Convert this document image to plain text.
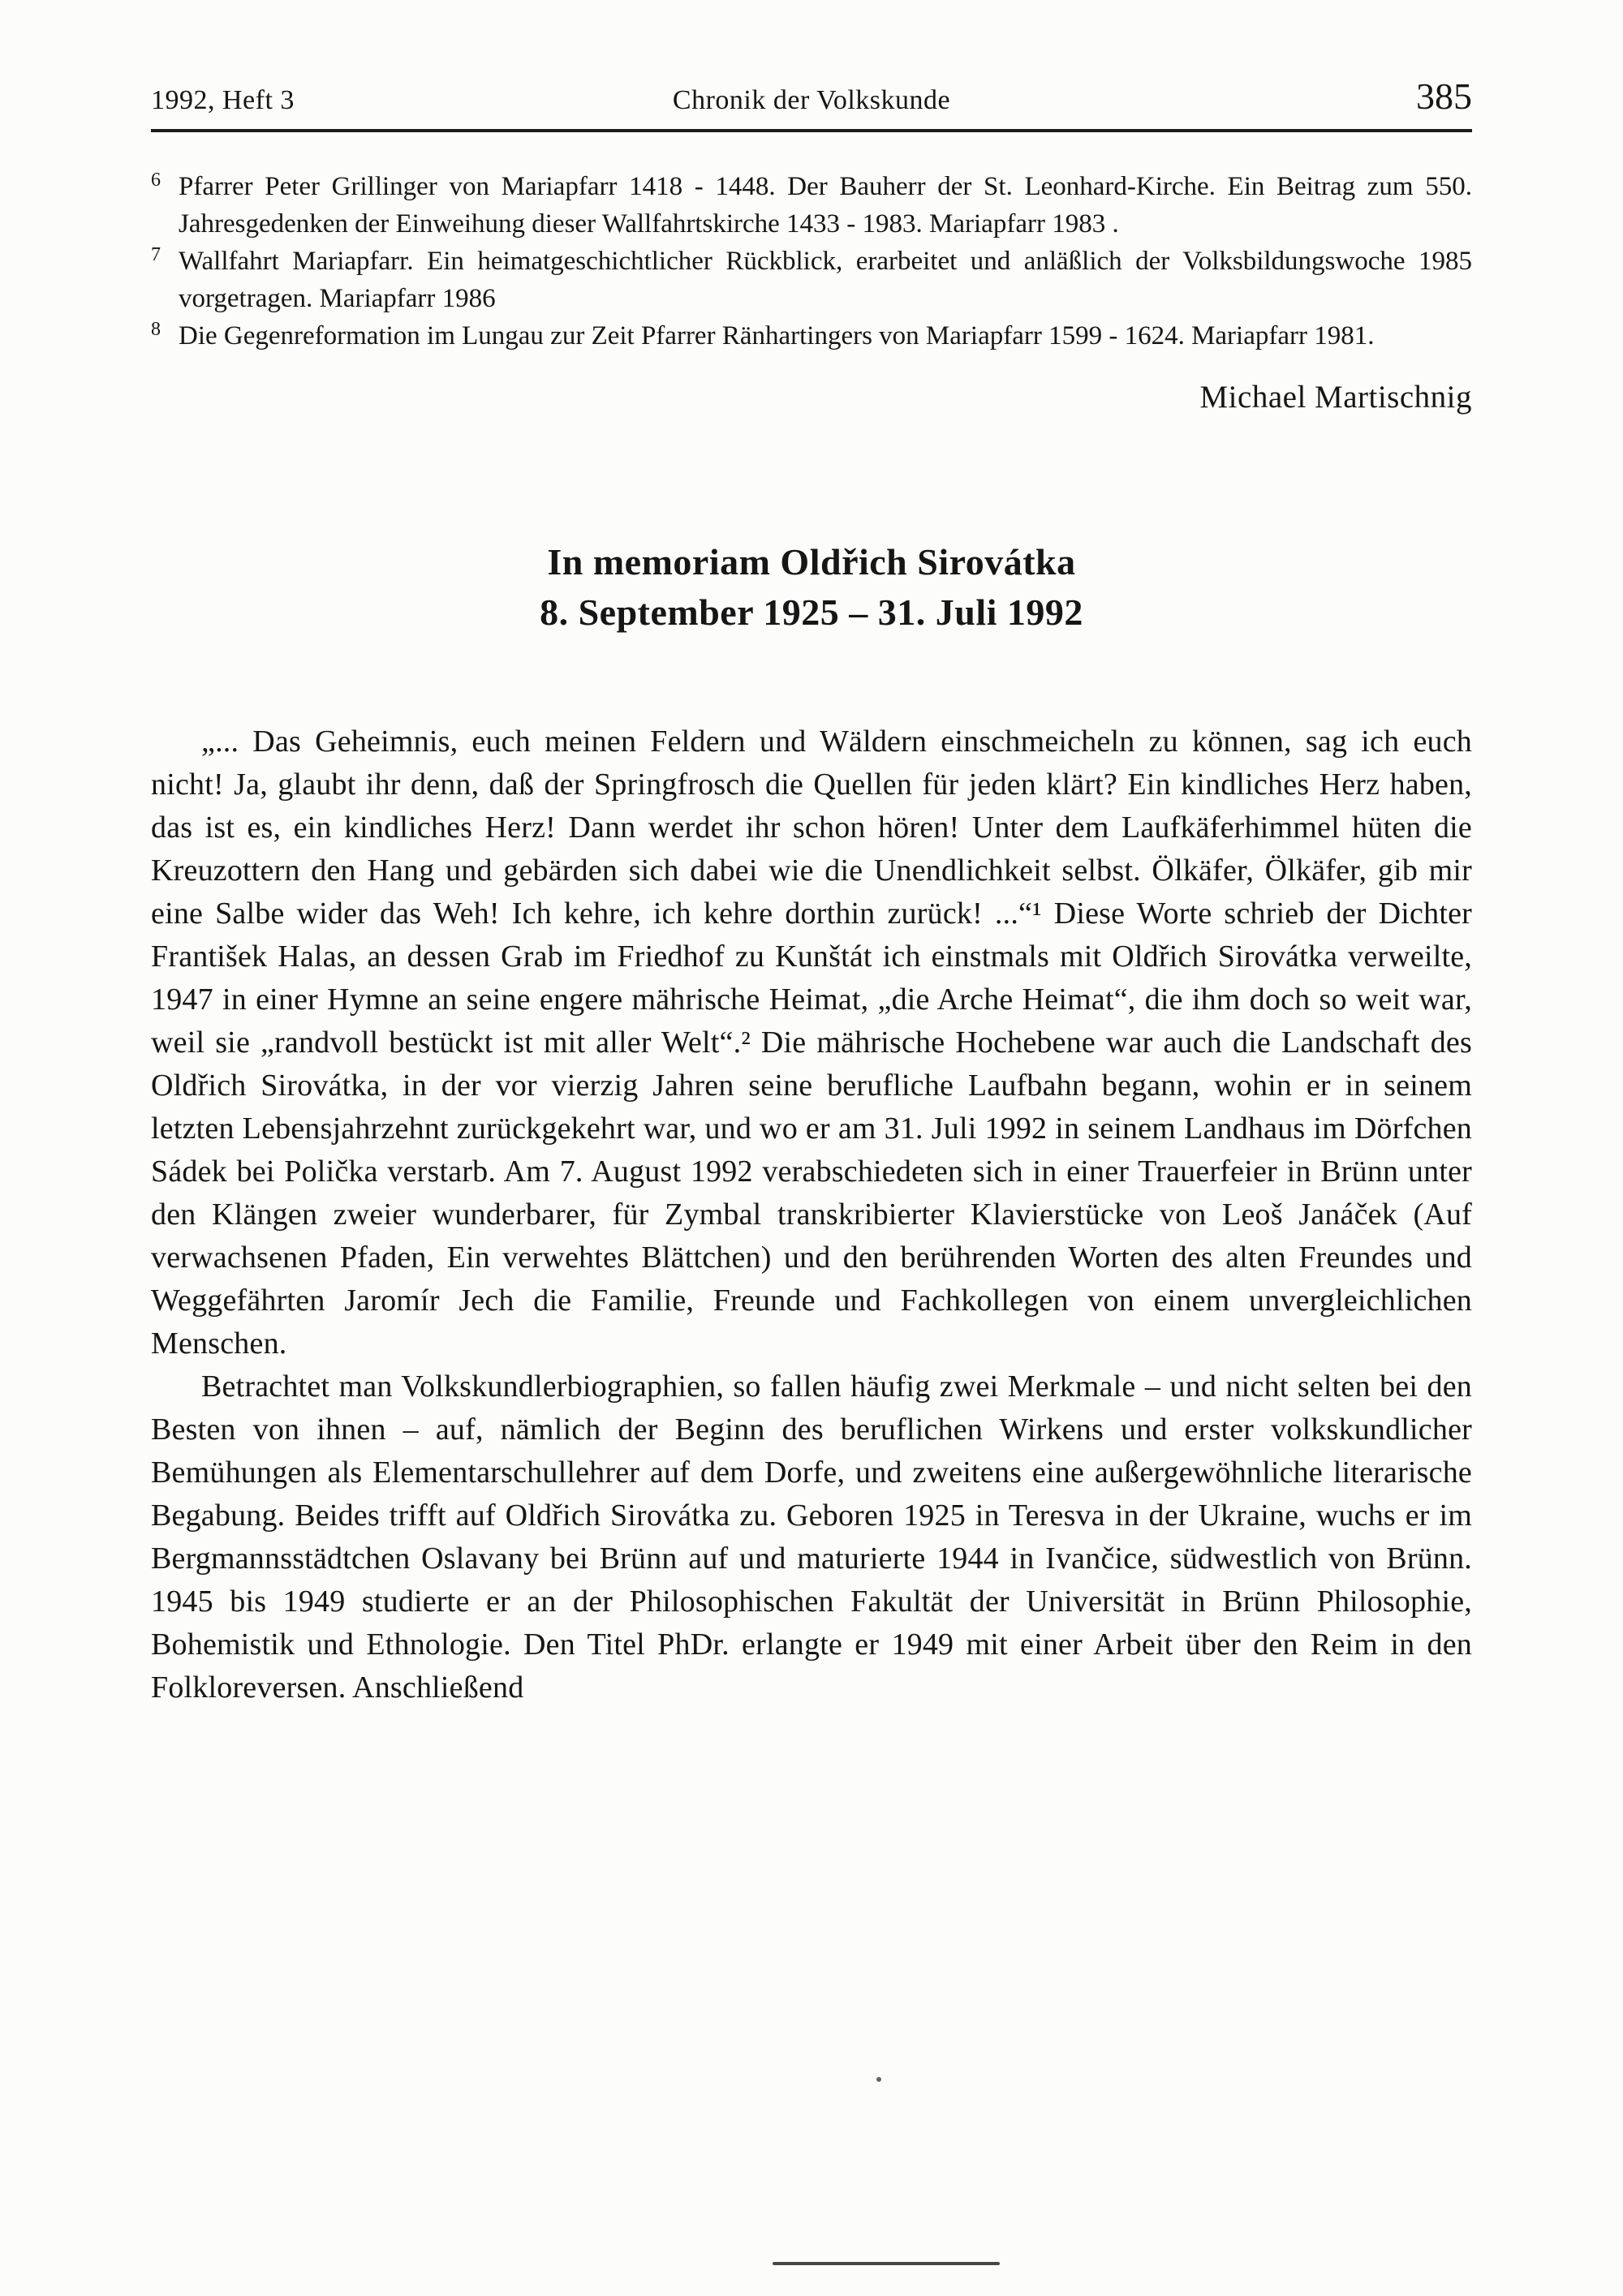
1992, Heft 3	Chronik der Volkskunde	385
6 Pfarrer Peter Grillinger von Mariapfarr 1418 - 1448. Der Bauherr der St. Leonhard-Kirche. Ein Beitrag zum 550. Jahresgedenken der Einweihung dieser Wallfahrtskirche 1433 - 1983. Mariapfarr 1983 .
7 Wallfahrt Mariapfarr. Ein heimatgeschichtlicher Rückblick, erarbeitet und anläßlich der Volksbildungswoche 1985 vorgetragen. Mariapfarr 1986
8 Die Gegenreformation im Lungau zur Zeit Pfarrer Ränhartingers von Mariapfarr 1599 - 1624. Mariapfarr 1981.
Michael Martischnig
In memoriam Oldřich Sirovátka
8. September 1925 – 31. Juli 1992

„... Das Geheimnis, euch meinen Feldern und Wäldern einschmeicheln zu können, sag ich euch nicht! Ja, glaubt ihr denn, daß der Springfrosch die Quellen für jeden klärt? Ein kindliches Herz haben, das ist es, ein kindliches Herz! Dann werdet ihr schon hören! Unter dem Laufkäferhimmel hüten die Kreuzottern den Hang und gebärden sich dabei wie die Unendlichkeit selbst. Ölkäfer, Ölkäfer, gib mir eine Salbe wider das Weh! Ich kehre, ich kehre dorthin zurück! ...“¹ Diese Worte schrieb der Dichter František Halas, an dessen Grab im Friedhof zu Kunštát ich einstmals mit Oldřich Sirovátka verweilte, 1947 in einer Hymne an seine engere mährische Heimat, „die Arche Heimat“, die ihm doch so weit war, weil sie „randvoll bestückt ist mit aller Welt“.² Die mährische Hochebene war auch die Landschaft des Oldřich Sirovátka, in der vor vierzig Jahren seine berufliche Laufbahn begann, wohin er in seinem letzten Lebensjahrzehnt zurückgekehrt war, und wo er am 31. Juli 1992 in seinem Landhaus im Dörfchen Sádek bei Polička verstarb. Am 7. August 1992 verabschiedeten sich in einer Trauerfeier in Brünn unter den Klängen zweier wunderbarer, für Zymbal transkribierter Klavierstücke von Leoš Janáček (Auf verwachsenen Pfaden, Ein verwehtes Blättchen) und den berührenden Worten des alten Freundes und Weggefährten Jaromír Jech die Familie, Freunde und Fachkollegen von einem unvergleichlichen Menschen.

Betrachtet man Volkskundlerbiographien, so fallen häufig zwei Merkmale – und nicht selten bei den Besten von ihnen – auf, nämlich der Beginn des beruflichen Wirkens und erster volkskundlicher Bemühungen als Elementarschullehrer auf dem Dorfe, und zweitens eine außergewöhnliche literarische Begabung. Beides trifft auf Oldřich Sirovátka zu. Geboren 1925 in Teresva in der Ukraine, wuchs er im Bergmannsstädtchen Oslavany bei Brünn auf und maturierte 1944 in Ivančice, südwestlich von Brünn. 1945 bis 1949 studierte er an der Philosophischen Fakultät der Universität in Brünn Philosophie, Bohemistik und Ethnologie. Den Titel PhDr. erlangte er 1949 mit einer Arbeit über den Reim in den Folkloreversen. Anschließend
